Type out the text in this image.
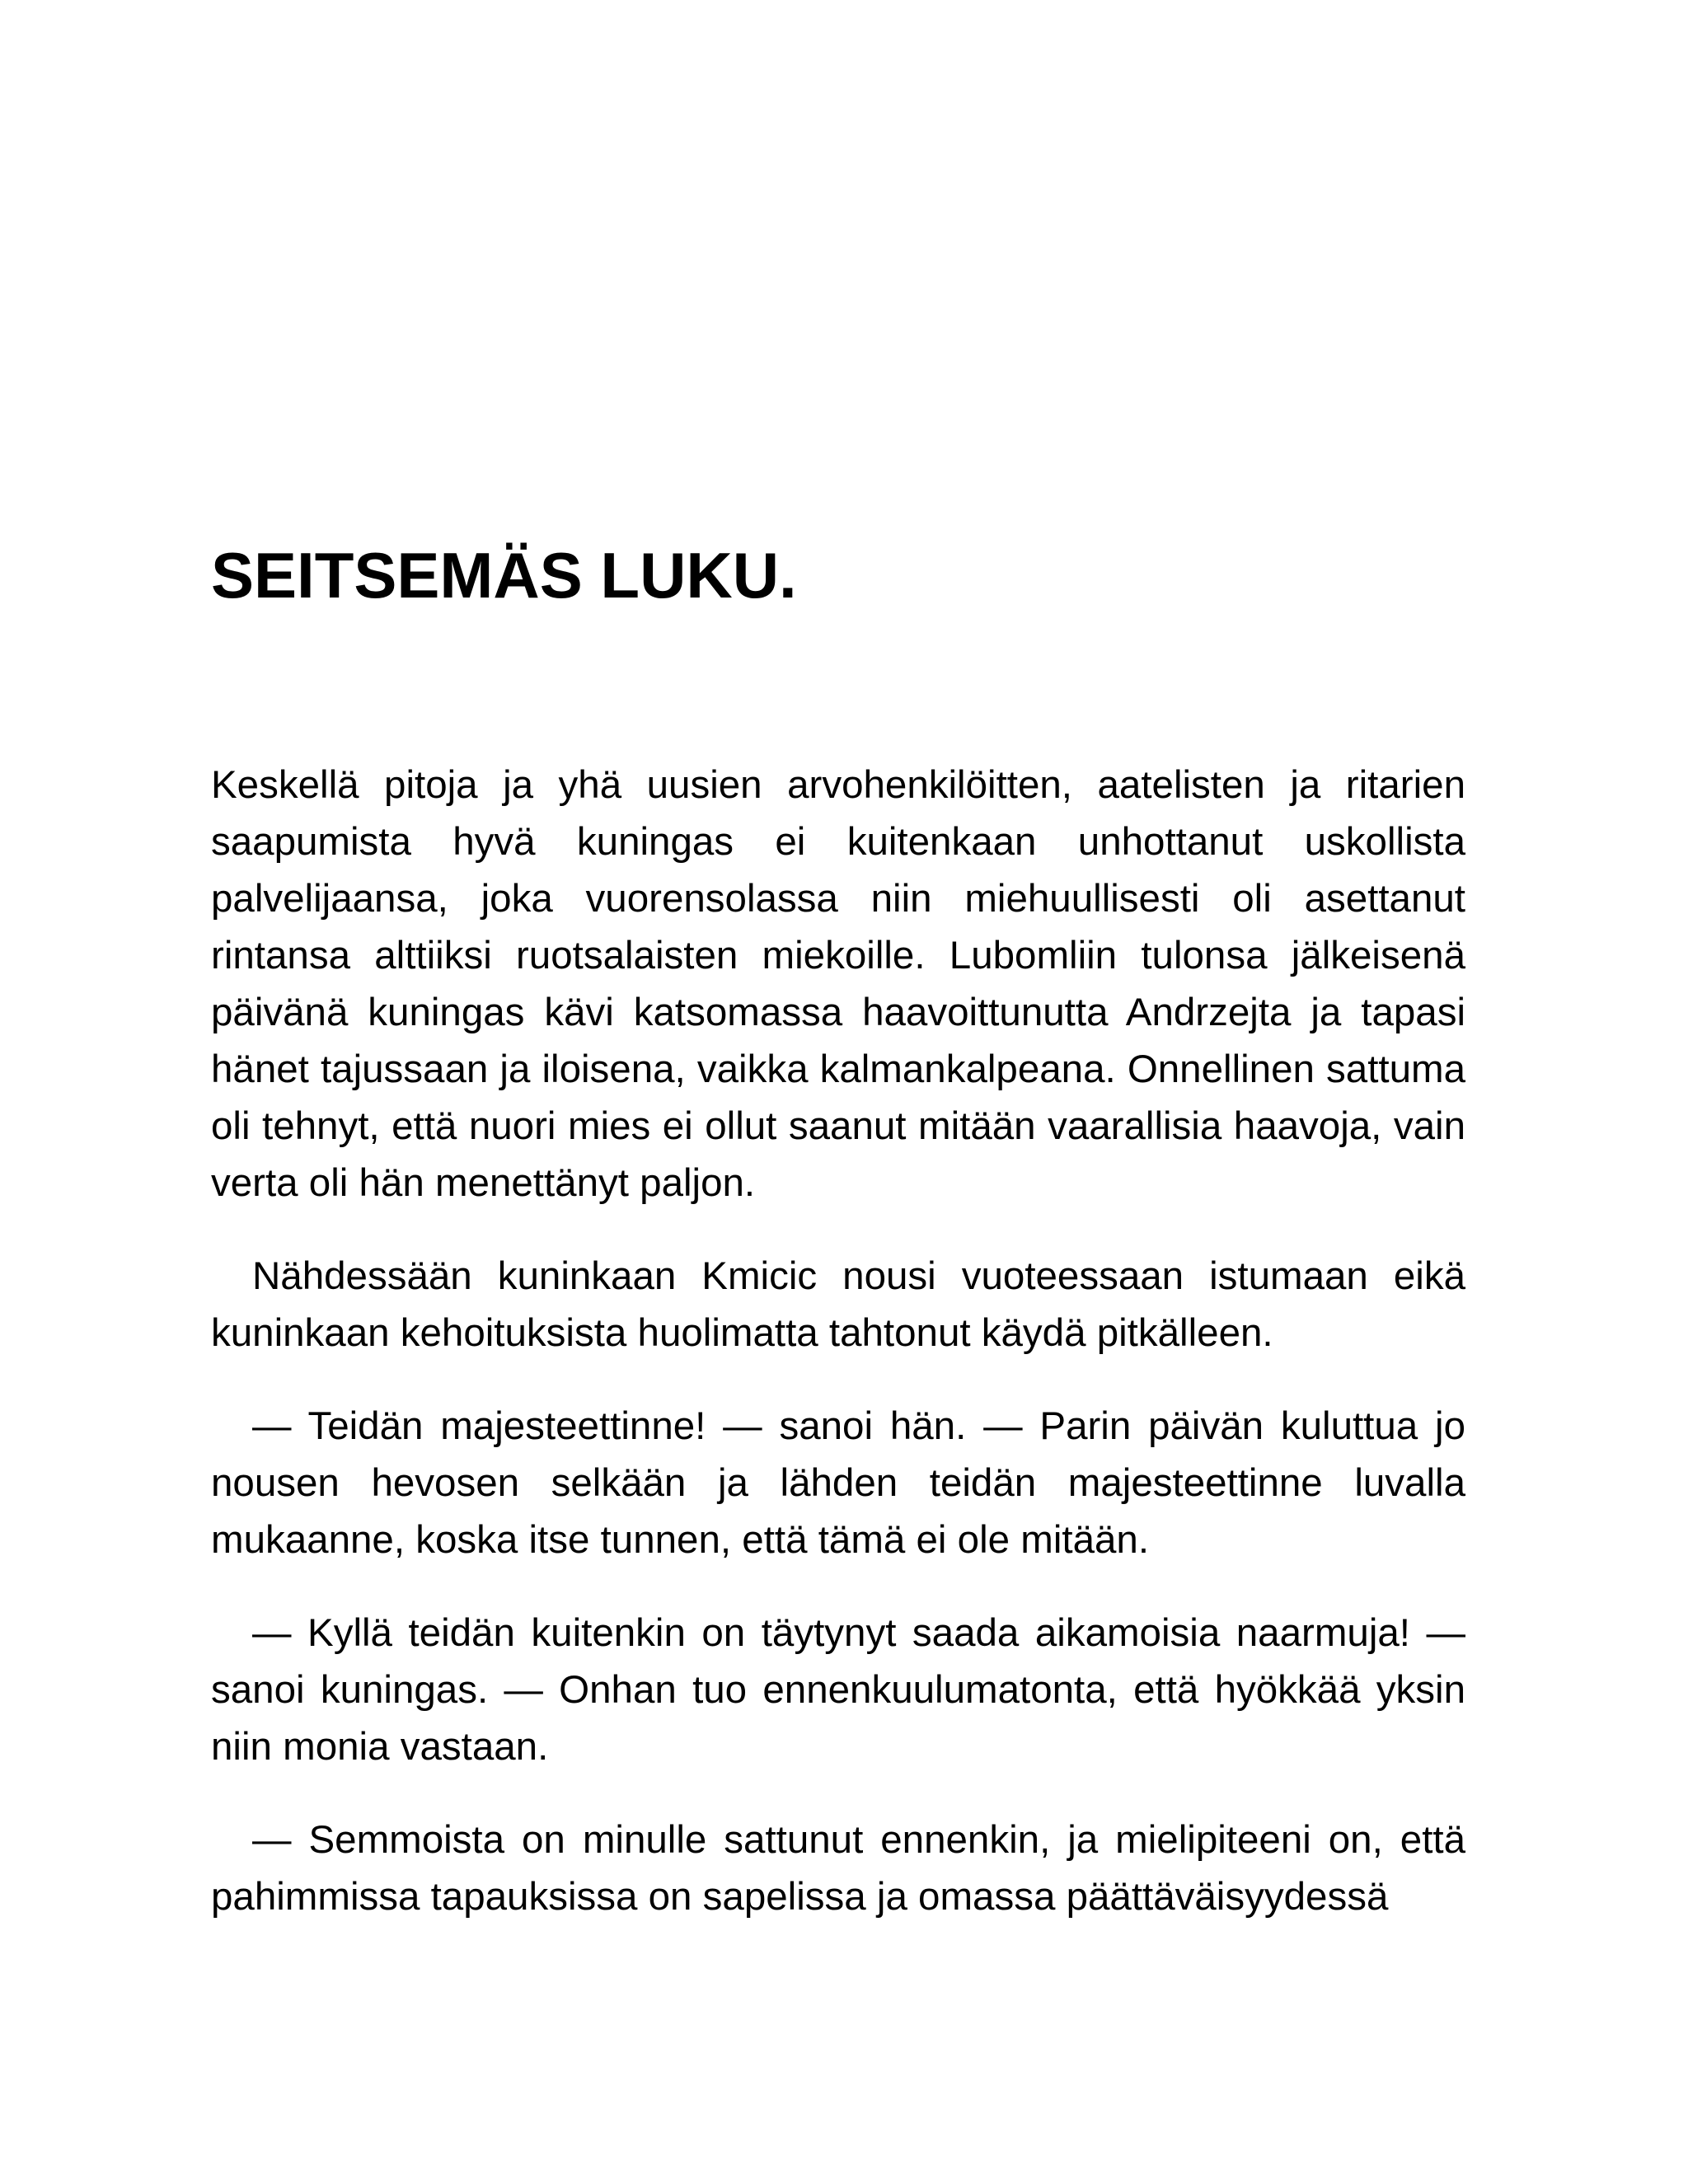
SEITSEMÄS LUKU.

Keskellä pitoja ja yhä uusien arvohenkilöitten, aatelisten ja ritarien saapumista hyvä kuningas ei kuitenkaan unhottanut uskollista palvelijaansa, joka vuorensolassa niin miehuullisesti oli asettanut rintansa alttiiksi ruotsalaisten miekoille. Lubomliin tulonsa jälkeisenä päivänä kuningas kävi katsomassa haavoittunutta Andrzejta ja tapasi hänet tajussaan ja iloisena, vaikka kalmankalpeana. Onnellinen sattuma oli tehnyt, että nuori mies ei ollut saanut mitään vaarallisia haavoja, vain verta oli hän menettänyt paljon.

Nähdessään kuninkaan Kmicic nousi vuoteessaan istumaan eikä kuninkaan kehoituksista huolimatta tahtonut käydä pitkälleen.

— Teidän majesteettinne! — sanoi hän. — Parin päivän kuluttua jo nousen hevosen selkään ja lähden teidän majesteettinne luvalla mukaanne, koska itse tunnen, että tämä ei ole mitään.

— Kyllä teidän kuitenkin on täytynyt saada aikamoisia naarmuja! — sanoi kuningas. — Onhan tuo ennenkuulumatonta, että hyökkää yksin niin monia vastaan.

— Semmoista on minulle sattunut ennenkin, ja mielipiteeni on, että pahimmissa tapauksissa on sapelissa ja omassa päättäväisyydessä
